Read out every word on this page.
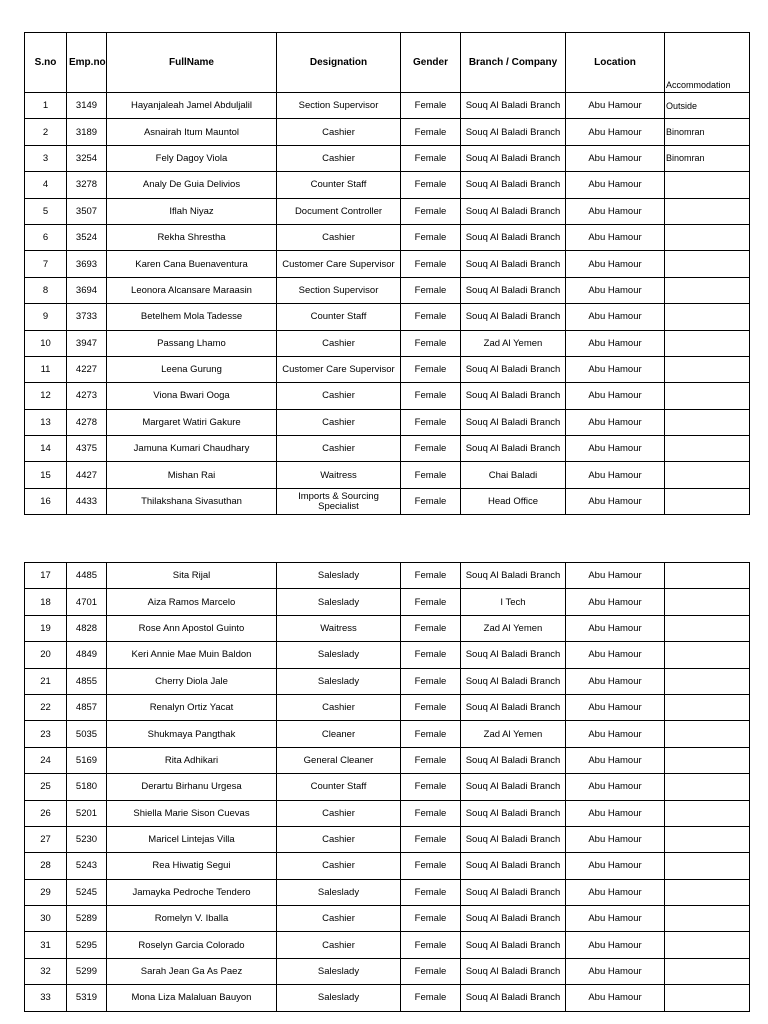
S.no	Emp.no	FullName	Designation	Gender	Branch / Company	Location	Accommodation
1	3149	Hayanjaleah Jamel Abduljalil	Section Supervisor	Female	Souq Al Baladi Branch	Abu Hamour	Outside
2	3189	Asnairah Itum Mauntol	Cashier	Female	Souq Al Baladi Branch	Abu Hamour	Binomran
3	3254	Fely Dagoy Viola	Cashier	Female	Souq Al Baladi Branch	Abu Hamour	Binomran
4	3278	Analy De Guia Delivios	Counter Staff	Female	Souq Al Baladi Branch	Abu Hamour	
5	3507	Iflah Niyaz	Document Controller	Female	Souq Al Baladi Branch	Abu Hamour	
6	3524	Rekha Shrestha	Cashier	Female	Souq Al Baladi Branch	Abu Hamour	
7	3693	Karen Cana Buenaventura	Customer Care Supervisor	Female	Souq Al Baladi Branch	Abu Hamour	
8	3694	Leonora Alcansare Maraasin	Section Supervisor	Female	Souq Al Baladi Branch	Abu Hamour	
9	3733	Betelhem Mola Tadesse	Counter Staff	Female	Souq Al Baladi Branch	Abu Hamour	
10	3947	Passang Lhamo	Cashier	Female	Zad Al Yemen	Abu Hamour	
11	4227	Leena Gurung	Customer Care Supervisor	Female	Souq Al Baladi Branch	Abu Hamour	
12	4273	Viona Bwari Ooga	Cashier	Female	Souq Al Baladi Branch	Abu Hamour	
13	4278	Margaret Watiri Gakure	Cashier	Female	Souq Al Baladi Branch	Abu Hamour	
14	4375	Jamuna Kumari Chaudhary	Cashier	Female	Souq Al Baladi Branch	Abu Hamour	
15	4427	Mishan Rai	Waitress	Female	Chai Baladi	Abu Hamour	
16	4433	Thilakshana Sivasuthan	Imports & Sourcing Specialist	Female	Head Office	Abu Hamour	
17	4485	Sita Rijal	Saleslady	Female	Souq Al Baladi Branch	Abu Hamour	
18	4701	Aiza Ramos Marcelo	Saleslady	Female	I Tech	Abu Hamour	
19	4828	Rose Ann Apostol Guinto	Waitress	Female	Zad Al Yemen	Abu Hamour	
20	4849	Keri Annie Mae Muin Baldon	Saleslady	Female	Souq Al Baladi Branch	Abu Hamour	
21	4855	Cherry Diola Jale	Saleslady	Female	Souq Al Baladi Branch	Abu Hamour	
22	4857	Renalyn Ortiz Yacat	Cashier	Female	Souq Al Baladi Branch	Abu Hamour	
23	5035	Shukmaya Pangthak	Cleaner	Female	Zad Al Yemen	Abu Hamour	
24	5169	Rita Adhikari	General Cleaner	Female	Souq Al Baladi Branch	Abu Hamour	
25	5180	Derartu Birhanu Urgesa	Counter Staff	Female	Souq Al Baladi Branch	Abu Hamour	
26	5201	Shiella Marie Sison Cuevas	Cashier	Female	Souq Al Baladi Branch	Abu Hamour	
27	5230	Maricel Lintejas Villa	Cashier	Female	Souq Al Baladi Branch	Abu Hamour	
28	5243	Rea Hiwatig Segui	Cashier	Female	Souq Al Baladi Branch	Abu Hamour	
29	5245	Jamayka Pedroche Tendero	Saleslady	Female	Souq Al Baladi Branch	Abu Hamour	
30	5289	Romelyn V. Iballa	Cashier	Female	Souq Al Baladi Branch	Abu Hamour	
31	5295	Roselyn Garcia Colorado	Cashier	Female	Souq Al Baladi Branch	Abu Hamour	
32	5299	Sarah Jean Ga As Paez	Saleslady	Female	Souq Al Baladi Branch	Abu Hamour	
33	5319	Mona Liza Malaluan Bauyon	Saleslady	Female	Souq Al Baladi Branch	Abu Hamour	
